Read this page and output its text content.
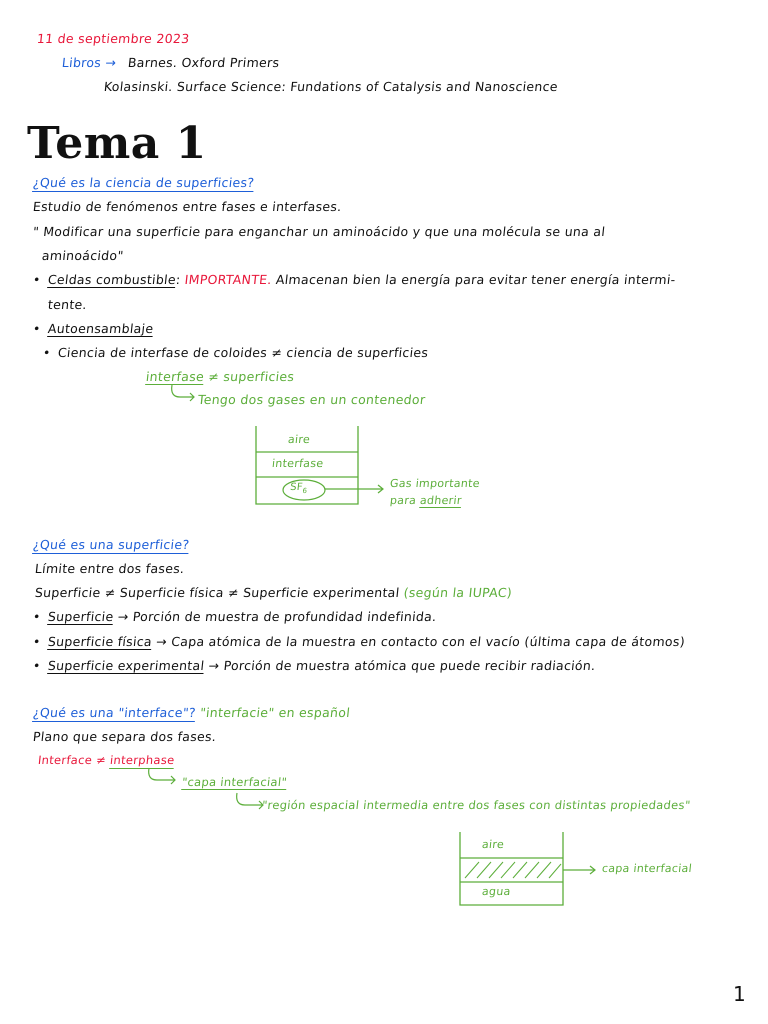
11 de septiembre 2023
Libros → Barnes. Oxford Primers
Kolasinski. Surface Science: Fundations of Catalysis and Nanoscience
Tema 1
¿Qué es la ciencia de superficies?
Estudio de fenómenos entre fases e interfases.
" Modificar una superficie para enganchar un aminoácido y que una molécula se una al
aminoácido"
• Celdas combustible: IMPORTANTE. Almacenan bien la energía para evitar tener energía intermi-
tente.
• Autoensamblaje
• Ciencia de interfase de coloides ≠ ciencia de superficies
interfase ≠ superficies
Tengo dos gases en un contenedor
aire
interfase
$SF_6$
Gas importante
para adherir
¿Qué es una superficie?
Límite entre dos fases.
Superficie ≠ Superficie física ≠ Superficie experimental (según la IUPAC)
• Superficie → Porción de muestra de profundidad indefinida.
• Superficie física → Capa atómica de la muestra en contacto con el vacío (última capa de átomos)
• Superficie experimental → Porción de muestra atómica que puede recibir radiación.
¿Qué es una "interface"? "interfacie" en español
Plano que separa dos fases.
Interface ≠ interphase
"capa interfacial"
"región espacial intermedia entre dos fases con distintas propiedades"
aire
agua
capa interfacial
1
